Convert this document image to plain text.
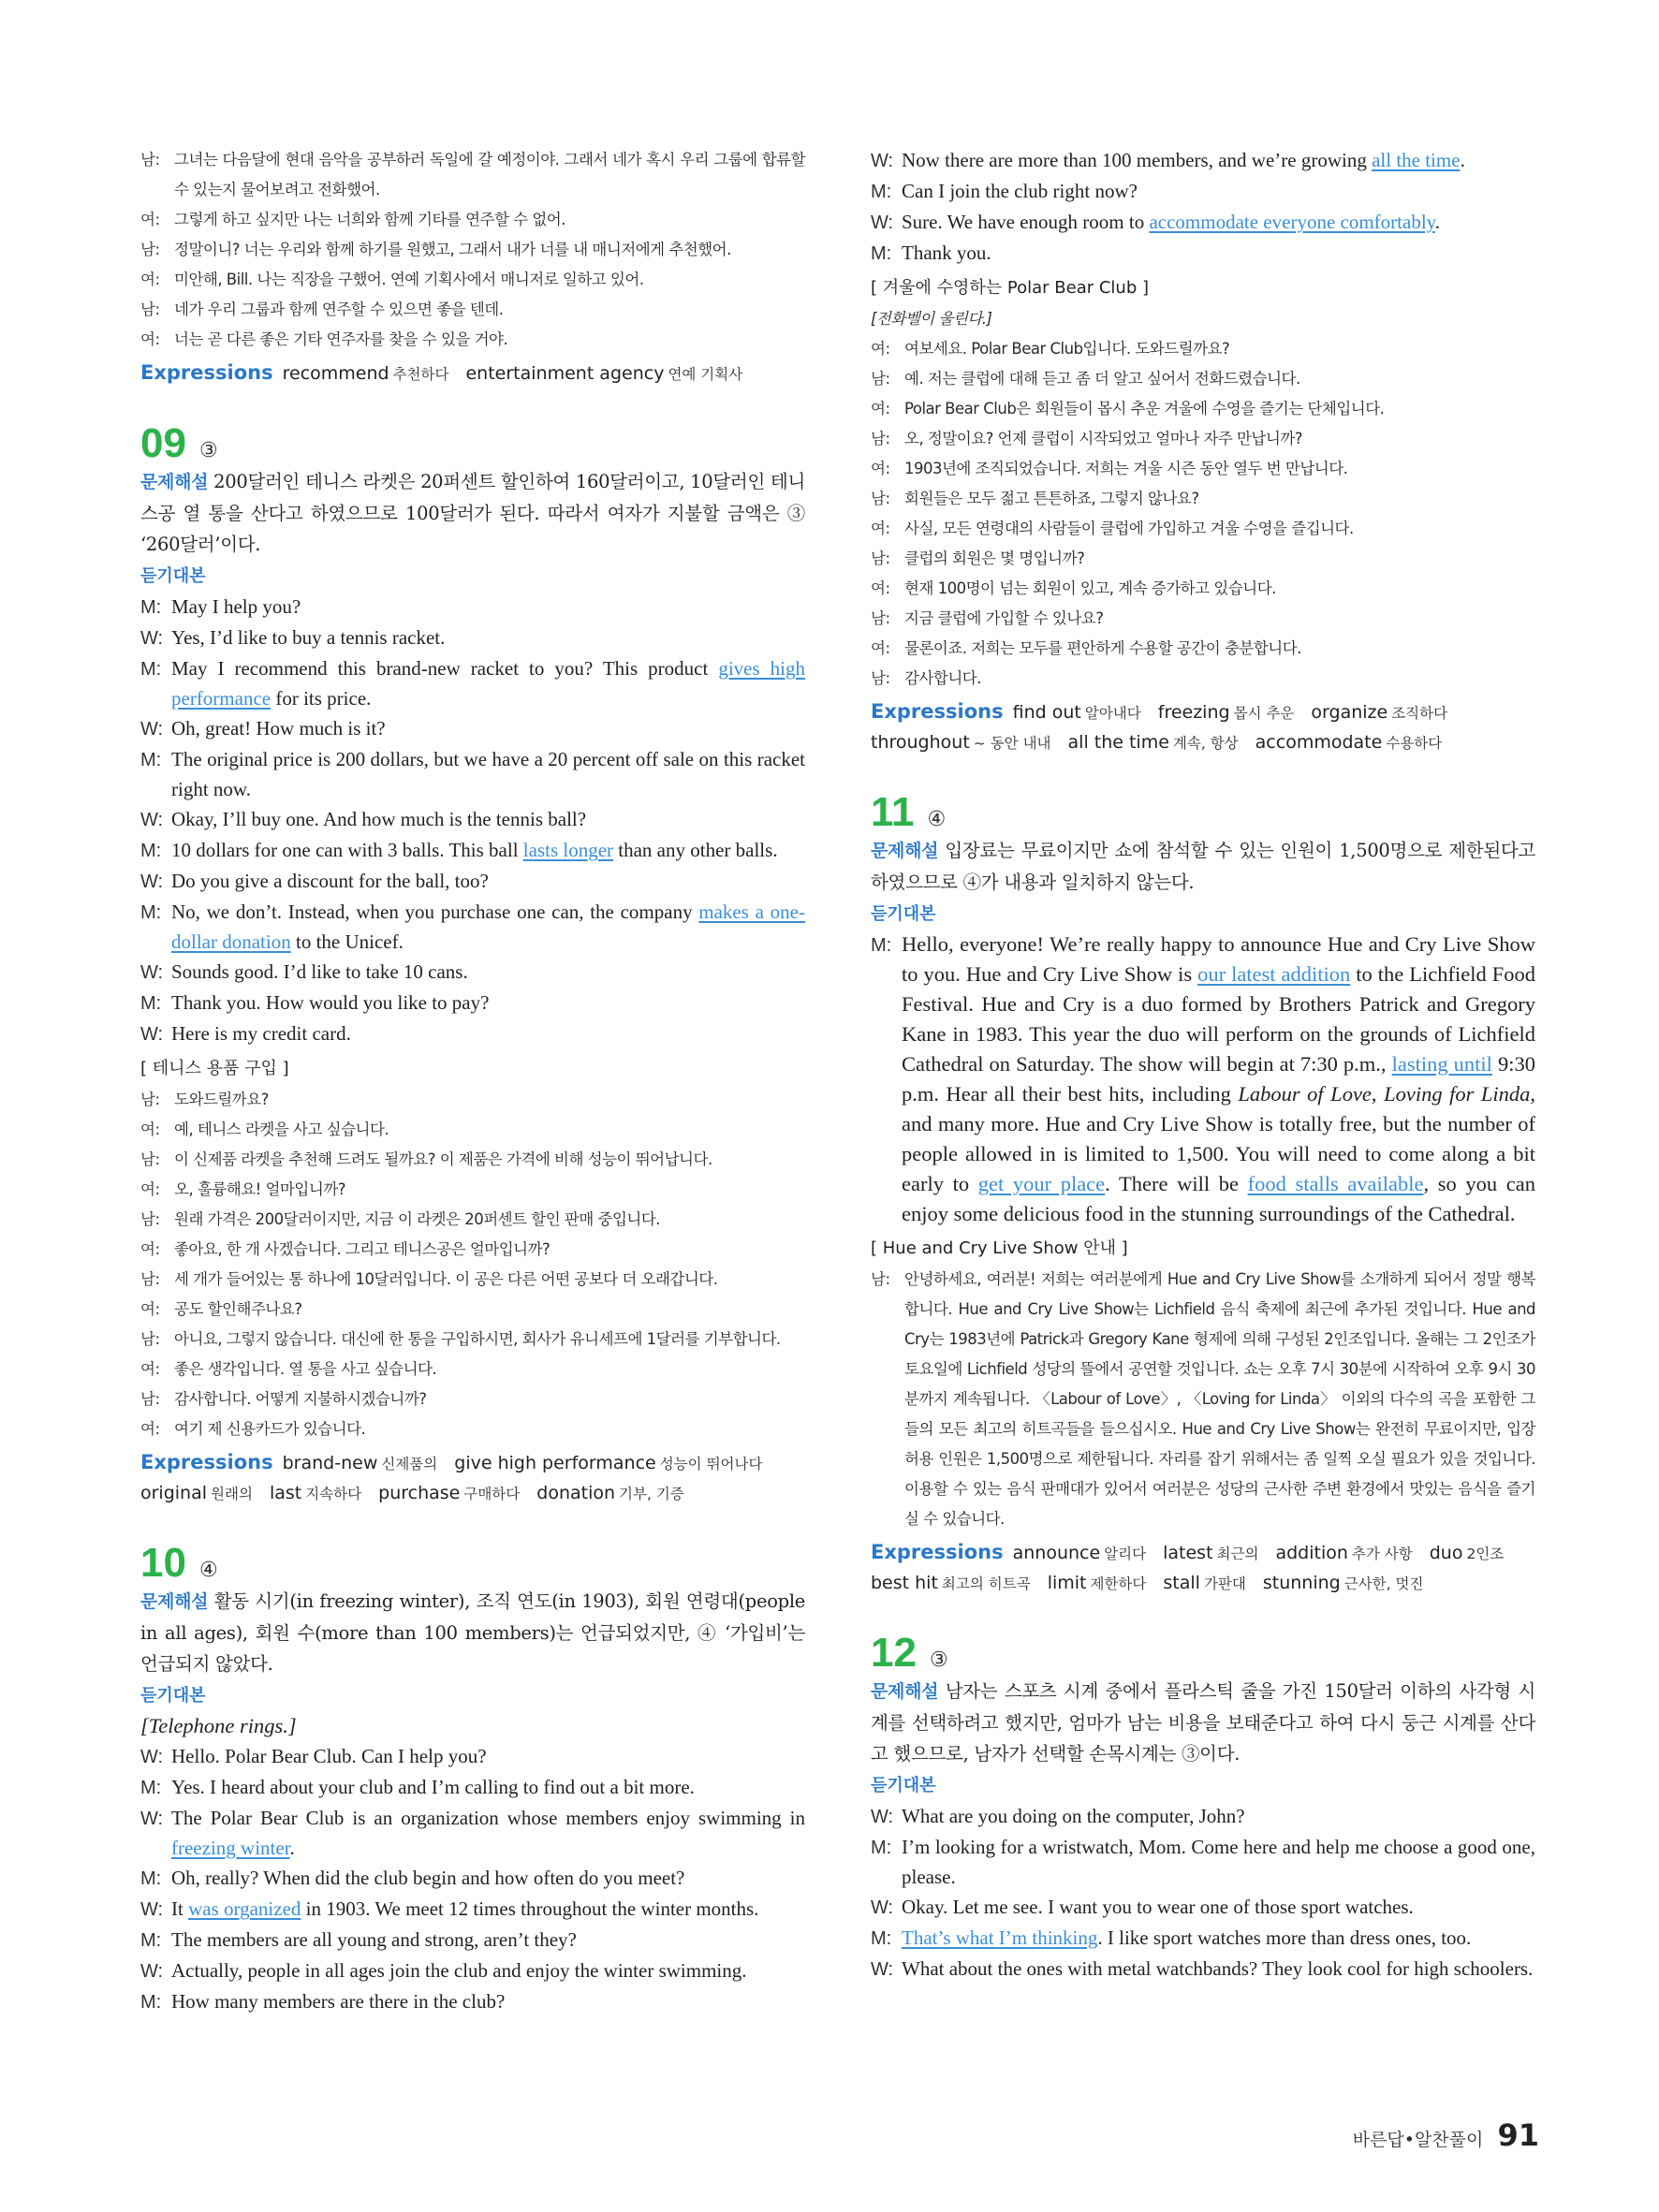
남: 그녀는 다음달에 현대 음악을 공부하러 독일에 갈 예정이야. 그래서 네가 혹시 우리 그룹에 합류할 수 있는지 물어보려고 전화했어.
여: 그렇게 하고 싶지만 나는 너희와 함께 기타를 연주할 수 없어.
남: 정말이니? 너는 우리와 함께 하기를 원했고, 그래서 내가 너를 내 매니저에게 추천했어.
여: 미안해, Bill. 나는 직장을 구했어. 연예 기획사에서 매니저로 일하고 있어.
남: 네가 우리 그룹과 함께 연주할 수 있으면 좋을 텐데.
여: 너는 곧 다른 좋은 기타 연주자를 찾을 수 있을 거야.
Expressions recommend 추천하다 entertainment agency 연예 기획사
09 ③
문제해설 200달러인 테니스 라켓은 20퍼센트 할인하여 160달러이고, 10달러인 테니스공 열 통을 산다고 하였으므로 100달러가 된다. 따라서 여자가 지불할 금액은 ③ ‘260달러’이다.
듣기대본
M: May I help you?
W: Yes, I’d like to buy a tennis racket.
M: May I recommend this brand-new racket to you? This product gives high performance for its price.
W: Oh, great! How much is it?
M: The original price is 200 dollars, but we have a 20 percent off sale on this racket right now.
W: Okay, I’ll buy one. And how much is the tennis ball?
M: 10 dollars for one can with 3 balls. This ball lasts longer than any other balls.
W: Do you give a discount for the ball, too?
M: No, we don’t. Instead, when you purchase one can, the company makes a one-dollar donation to the Unicef.
W: Sounds good. I’d like to take 10 cans.
M: Thank you. How would you like to pay?
W: Here is my credit card.
[ 테니스 용품 구입 ]
남: 도와드릴까요?
여: 예, 테니스 라켓을 사고 싶습니다.
남: 이 신제품 라켓을 추천해 드려도 될까요? 이 제품은 가격에 비해 성능이 뛰어납니다.
여: 오, 훌륭해요! 얼마입니까?
남: 원래 가격은 200달러이지만, 지금 이 라켓은 20퍼센트 할인 판매 중입니다.
여: 좋아요, 한 개 사겠습니다. 그리고 테니스공은 얼마입니까?
남: 세 개가 들어있는 통 하나에 10달러입니다. 이 공은 다른 어떤 공보다 더 오래갑니다.
여: 공도 할인해주나요?
남: 아니요, 그렇지 않습니다. 대신에 한 통을 구입하시면, 회사가 유니세프에 1달러를 기부합니다.
여: 좋은 생각입니다. 열 통을 사고 싶습니다.
남: 감사합니다. 어떻게 지불하시겠습니까?
여: 여기 제 신용카드가 있습니다.
Expressions brand-new 신제품의 give high performance 성능이 뛰어나다original 원래의 last 지속하다 purchase 구매하다 donation 기부, 기증
10 ④
문제해설 활동 시기(in freezing winter), 조직 연도(in 1903), 회원 연령대(people in all ages), 회원 수(more than 100 members)는 언급되었지만, ④ ‘가입비’는 언급되지 않았다.
듣기대본
[Telephone rings.]
W: Hello. Polar Bear Club. Can I help you?
M: Yes. I heard about your club and I’m calling to find out a bit more.
W: The Polar Bear Club is an organization whose members enjoy swimming in freezing winter.
M: Oh, really? When did the club begin and how often do you meet?
W: It was organized in 1903. We meet 12 times throughout the winter months.
M: The members are all young and strong, aren’t they?
W: Actually, people in all ages join the club and enjoy the winter swimming.
M: How many members are there in the club?
W: Now there are more than 100 members, and we’re growing all the time.
M: Can I join the club right now?
W: Sure. We have enough room to accommodate everyone comfortably.
M: Thank you.
[ 겨울에 수영하는 Polar Bear Club ]
[전화벨이 울린다.]
여: 여보세요. Polar Bear Club입니다. 도와드릴까요?
남: 예. 저는 클럽에 대해 듣고 좀 더 알고 싶어서 전화드렸습니다.
여: Polar Bear Club은 회원들이 몹시 추운 겨울에 수영을 즐기는 단체입니다.
남: 오, 정말이요? 언제 클럽이 시작되었고 얼마나 자주 만납니까?
여: 1903년에 조직되었습니다. 저희는 겨울 시즌 동안 열두 번 만납니다.
남: 회원들은 모두 젊고 튼튼하죠, 그렇지 않나요?
여: 사실, 모든 연령대의 사람들이 클럽에 가입하고 겨울 수영을 즐깁니다.
남: 클럽의 회원은 몇 명입니까?
여: 현재 100명이 넘는 회원이 있고, 계속 증가하고 있습니다.
남: 지금 클럽에 가입할 수 있나요?
여: 물론이죠. 저희는 모두를 편안하게 수용할 공간이 충분합니다.
남: 감사합니다.
Expressions find out 알아내다 freezing 몹시 추운 organize 조직하다throughout ~ 동안 내내 all the time 계속, 항상 accommodate 수용하다
11 ④
문제해설 입장료는 무료이지만 쇼에 참석할 수 있는 인원이 1,500명으로 제한된다고 하였으므로 ④가 내용과 일치하지 않는다.
듣기대본
M: Hello, everyone! We’re really happy to announce Hue and Cry Live Show to you. Hue and Cry Live Show is our latest addition to the Lichfield Food Festival. Hue and Cry is a duo formed by Brothers Patrick and Gregory Kane in 1983. This year the duo will perform on the grounds of Lichfield Cathedral on Saturday. The show will begin at 7:30 p.m., lasting until 9:30 p.m. Hear all their best hits, including Labour of Love, Loving for Linda, and many more. Hue and Cry Live Show is totally free, but the number of people allowed in is limited to 1,500. You will need to come along a bit early to get your place. There will be food stalls available, so you can enjoy some delicious food in the stunning surroundings of the Cathedral.
[ Hue and Cry Live Show 안내 ]
남: 안녕하세요, 여러분! 저희는 여러분에게 Hue and Cry Live Show를 소개하게 되어서 정말 행복합니다. Hue and Cry Live Show는 Lichfield 음식 축제에 최근에 추가된 것입니다. Hue and Cry는 1983년에 Patrick과 Gregory Kane 형제에 의해 구성된 2인조입니다. 올해는 그 2인조가 토요일에 Lichfield 성당의 뜰에서 공연할 것입니다. 쇼는 오후 7시 30분에 시작하여 오후 9시 30분까지 계속됩니다. 〈Labour of Love〉, 〈Loving for Linda〉 이외의 다수의 곡을 포함한 그들의 모든 최고의 히트곡들을 들으십시오. Hue and Cry Live Show는 완전히 무료이지만, 입장 허용 인원은 1,500명으로 제한됩니다. 자리를 잡기 위해서는 좀 일찍 오실 필요가 있을 것입니다. 이용할 수 있는 음식 판매대가 있어서 여러분은 성당의 근사한 주변 환경에서 맛있는 음식을 즐기실 수 있습니다.
Expressions announce 알리다 latest 최근의 addition 추가 사항 duo 2인조best hit 최고의 히트곡 limit 제한하다 stall 가판대 stunning 근사한, 멋진
12 ③
문제해설 남자는 스포츠 시계 중에서 플라스틱 줄을 가진 150달러 이하의 사각형 시계를 선택하려고 했지만, 엄마가 남는 비용을 보태준다고 하여 다시 둥근 시계를 산다고 했으므로, 남자가 선택할 손목시계는 ③이다.
듣기대본
W: What are you doing on the computer, John?
M: I’m looking for a wristwatch, Mom. Come here and help me choose a good one, please.
W: Okay. Let me see. I want you to wear one of those sport watches.
M: That’s what I’m thinking. I like sport watches more than dress ones, too.
W: What about the ones with metal watchbands? They look cool for high schoolers.
바른답•알찬풀이 91
